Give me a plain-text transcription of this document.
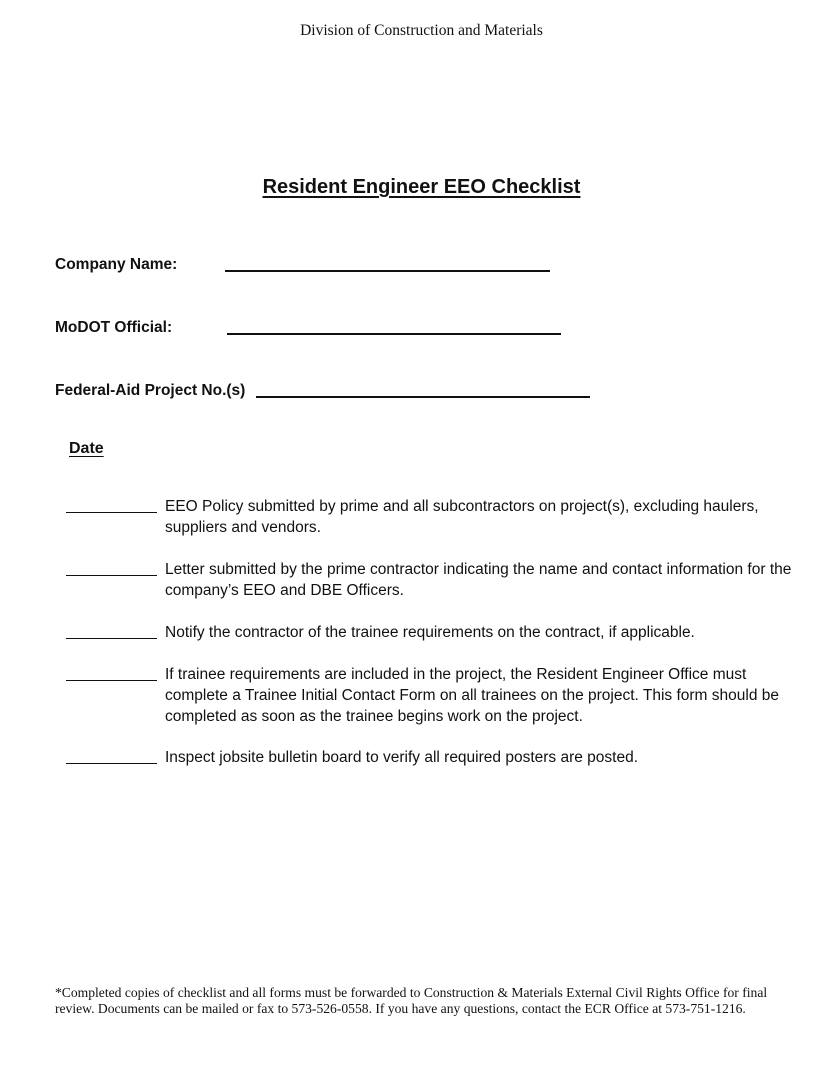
Division of Construction and Materials
Resident Engineer EEO Checklist
Company Name:
MoDOT Official:
Federal-Aid Project No.(s)
Date
EEO Policy submitted by prime and all subcontractors on project(s), excluding haulers, suppliers and vendors.
Letter submitted by the prime contractor indicating the name and contact information for the company’s EEO and DBE Officers.
Notify the contractor of the trainee requirements on the contract, if applicable.
If trainee requirements are included in the project, the Resident Engineer Office must complete a Trainee Initial Contact Form on all trainees on the project. This form should be completed as soon as the trainee begins work on the project.
Inspect jobsite bulletin board to verify all required posters are posted.
*Completed copies of checklist and all forms must be forwarded to Construction & Materials External Civil Rights Office for final review. Documents can be mailed or fax to 573-526-0558. If you have any questions, contact the ECR Office at 573-751-1216.
